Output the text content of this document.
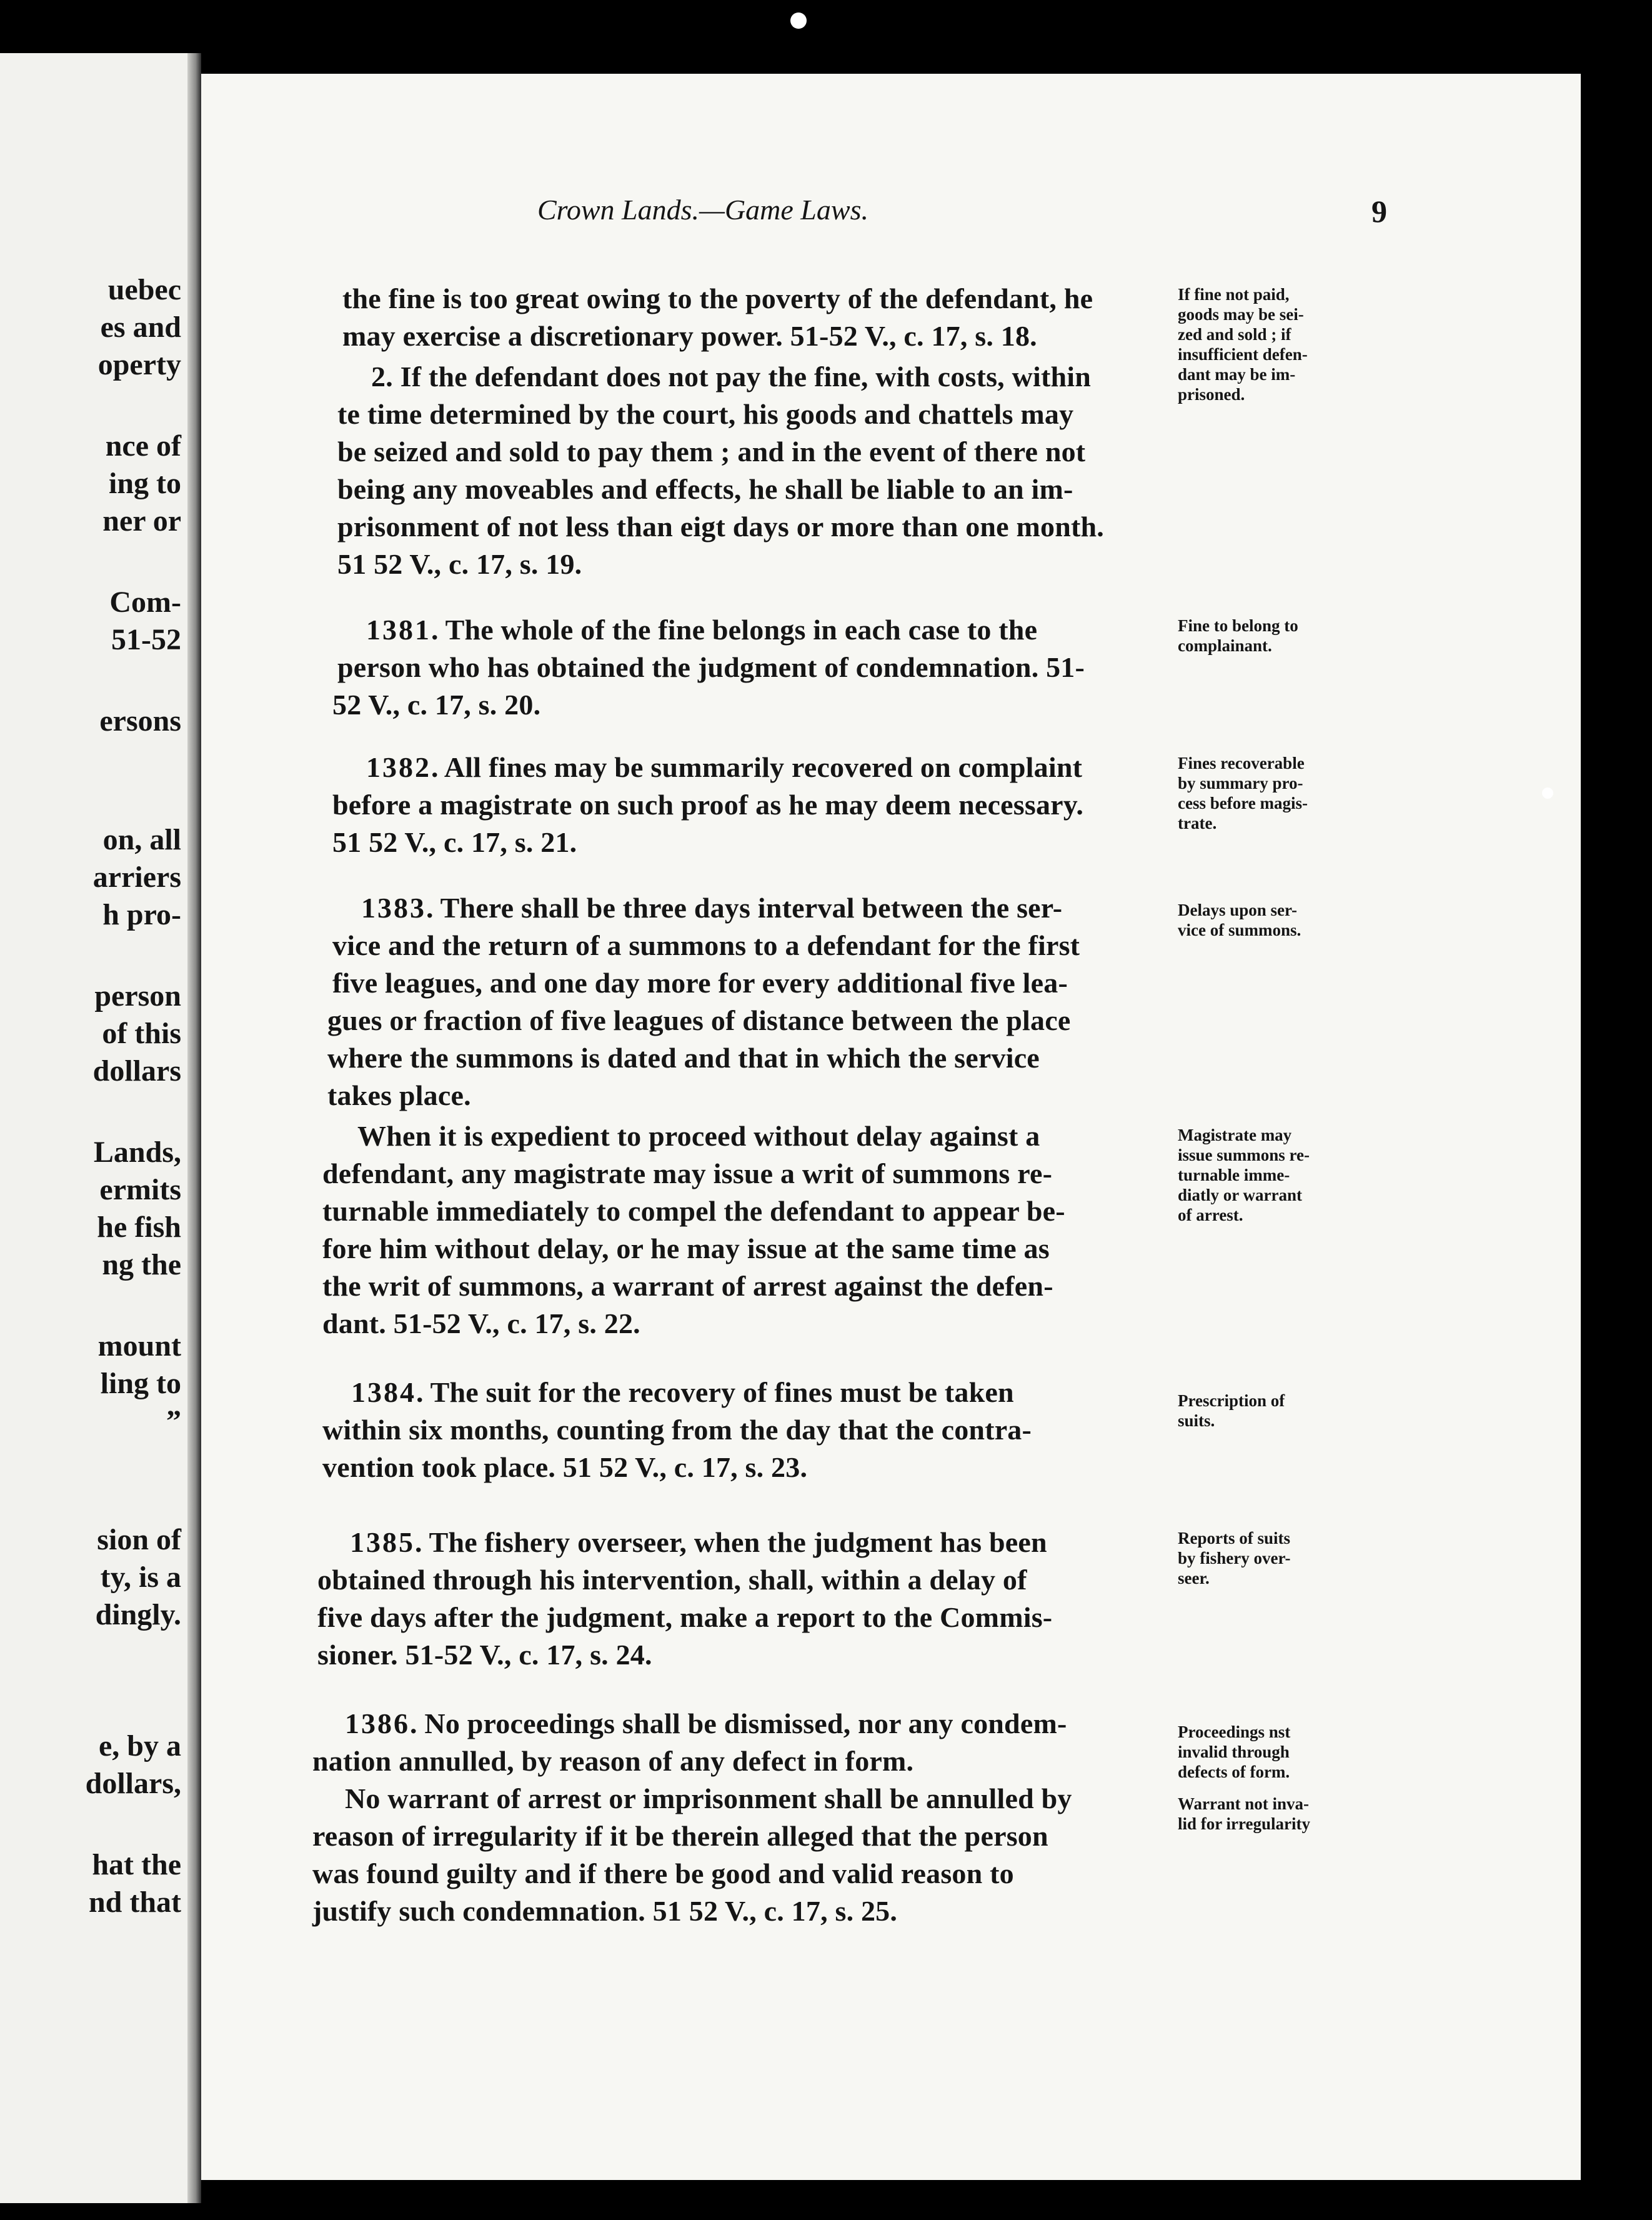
uebec
es and
operty
nce of
ing to
ner or
Com-
51-52
ersons
on, all
arriers
h pro-
person
of this
dollars
Lands,
ermits
he fish
ng the
mount
ling to
”
sion of
ty, is a
dingly.
e, by a
dollars,
hat the
nd that
Crown Lands.—Game Laws.	9
the fine is too great owing to the poverty of the defendant, he
may exercise a discretionary power. 51-52 V., c. 17, s. 18.
2. If the defendant does not pay the fine, with costs, within
te time determined by the court, his goods and chattels may
be seized and sold to pay them ; and in the event of there not
being any moveables and effects, he shall be liable to an im-
prisonment of not less than eigt days or more than one month.
51 52 V., c. 17, s. 19.
1381. The whole of the fine belongs in each case to the
person who has obtained the judgment of condemnation. 51-
52 V., c. 17, s. 20.
1382. All fines may be summarily recovered on complaint
before a magistrate on such proof as he may deem necessary.
51 52 V., c. 17, s. 21.
1383. There shall be three days interval between the ser-
vice and the return of a summons to a defendant for the first
five leagues, and one day more for every additional five lea-
gues or fraction of five leagues of distance between the place
where the summons is dated and that in which the service
takes place.
When it is expedient to proceed without delay against a
defendant, any magistrate may issue a writ of summons re-
turnable immediately to compel the defendant to appear be-
fore him without delay, or he may issue at the same time as
the writ of summons, a warrant of arrest against the defen-
dant. 51-52 V., c. 17, s. 22.
1384. The suit for the recovery of fines must be taken
within six months, counting from the day that the contra-
vention took place. 51 52 V., c. 17, s. 23.
1385. The fishery overseer, when the judgment has been
obtained through his intervention, shall, within a delay of
five days after the judgment, make a report to the Commis-
sioner. 51-52 V., c. 17, s. 24.
1386. No proceedings shall be dismissed, nor any condem-
nation annulled, by reason of any defect in form.
No warrant of arrest or imprisonment shall be annulled by
reason of irregularity if it be therein alleged that the person
was found guilty and if there be good and valid reason to
justify such condemnation. 51 52 V., c. 17, s. 25.
If fine not paid,
goods may be sei-
zed and sold ; if
insufficient defen-
dant may be im-
prisoned.
Fine to belong to
complainant.
Fines recoverable
by summary pro-
cess before magis-
trate.
Delays upon ser-
vice of summons.
Magistrate may
issue summons re-
turnable imme-
diatly or warrant
of arrest.
Prescription of
suits.
Reports of suits
by fishery over-
seer.
Proceedings nst
invalid through
defects of form.
Warrant not inva-
lid for irregularity
